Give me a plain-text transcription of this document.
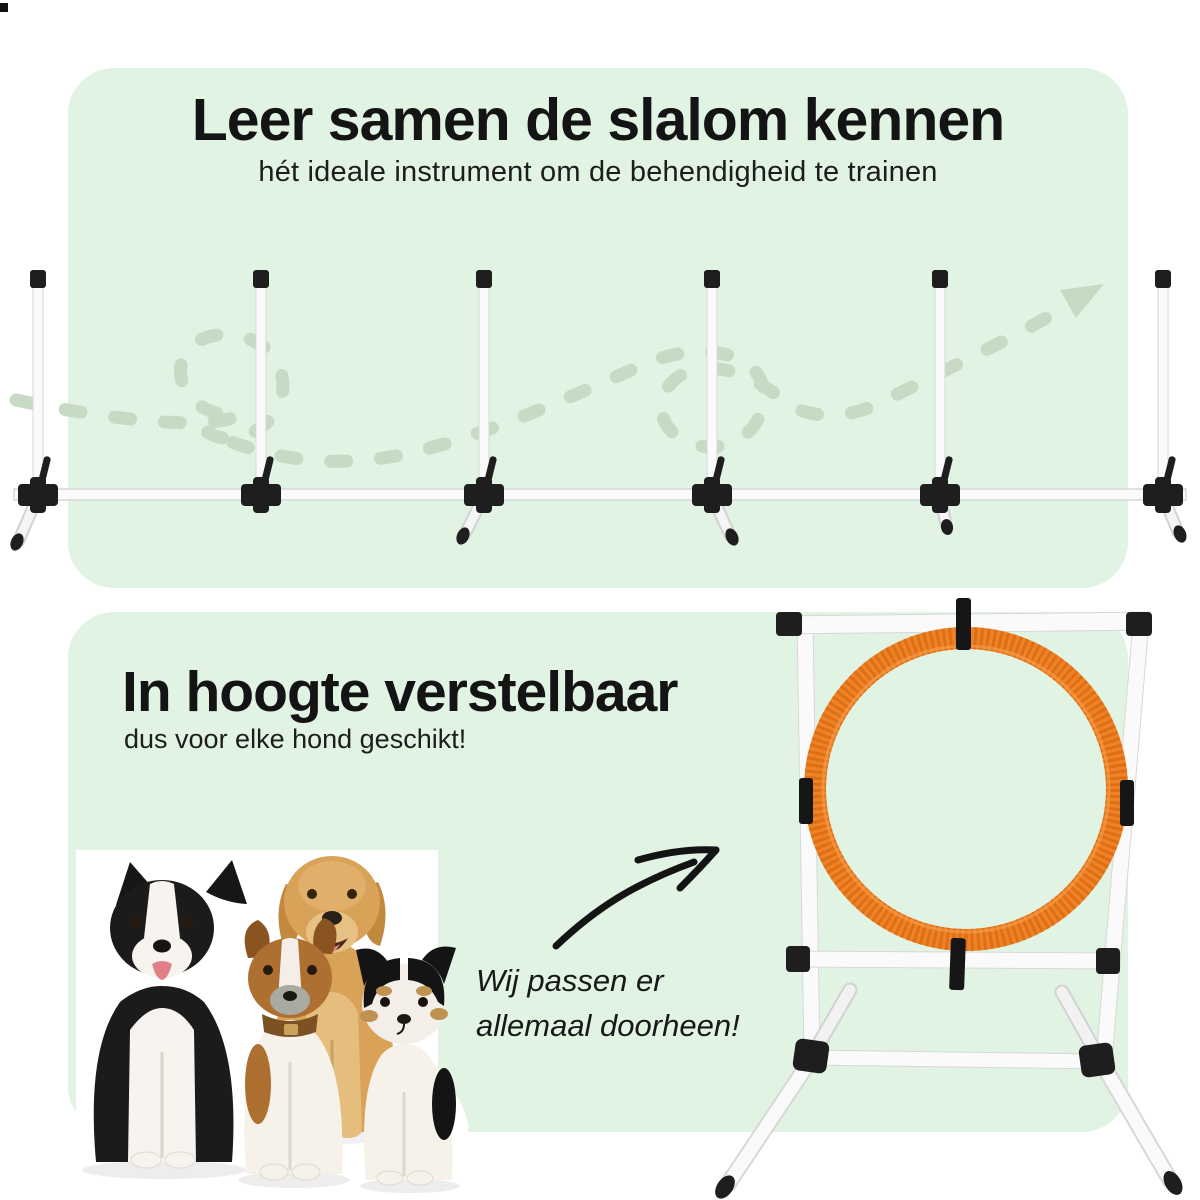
Leer samen de slalom kennen
hét ideale instrument om de behendigheid te trainen
In hoogte verstelbaar
dus voor elke hond geschikt!
Wij passen er
allemaal doorheen!
